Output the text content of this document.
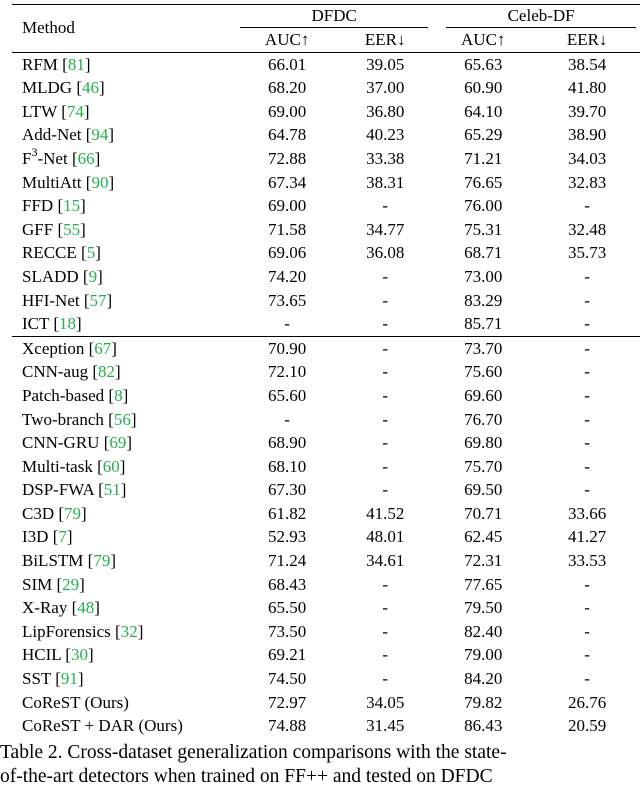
Method	DFDC		Celeb-DF	

	AUC↑	EER↓	AUC↑	EER↓
RFM [81]	66.01	39.05	65.63	38.54
MLDG [46]	68.20	37.00	60.90	41.80
LTW [74]	69.00	36.80	64.10	39.70
Add-Net [94]	64.78	40.23	65.29	38.90
$F^3$-Net [66]	72.88	33.38	71.21	34.03
MultiAtt [90]	67.34	38.31	76.65	32.83
FFD [15]	69.00	-	76.00	-
GFF [55]	71.58	34.77	75.31	32.48
RECCE [5]	69.06	36.08	68.71	35.73
SLADD [9]	74.20	-	73.00	-
HFI-Net [57]	73.65	-	83.29	-
ICT [18]	-	-	85.71	-
Xception [67]	70.90	-	73.70	-
CNN-aug [82]	72.10	-	75.60	-
Patch-based [8]	65.60	-	69.60	-
Two-branch [56]	-	-	76.70	-
CNN-GRU [69]	68.90	-	69.80	-
Multi-task [60]	68.10	-	75.70	-
DSP-FWA [51]	67.30	-	69.50	-
C3D [79]	61.82	41.52	70.71	33.66
I3D [7]	52.93	48.01	62.45	41.27
BiLSTM [79]	71.24	34.61	72.31	33.53
SIM [29]	68.43	-	77.65	-
X-Ray [48]	65.50	-	79.50	-
LipForensics [32]	73.50	-	82.40	-
HCIL [30]	69.21	-	79.00	-
SST [91]	74.50	-	84.20	-
CoReST (Ours)	72.97	34.05	79.82	26.76
CoReST + DAR (Ours)	74.88	31.45	86.43	20.59
Table 2. Cross-dataset generalization comparisons with the state-
of-the-art detectors when trained on FF++ and tested on DFDC
